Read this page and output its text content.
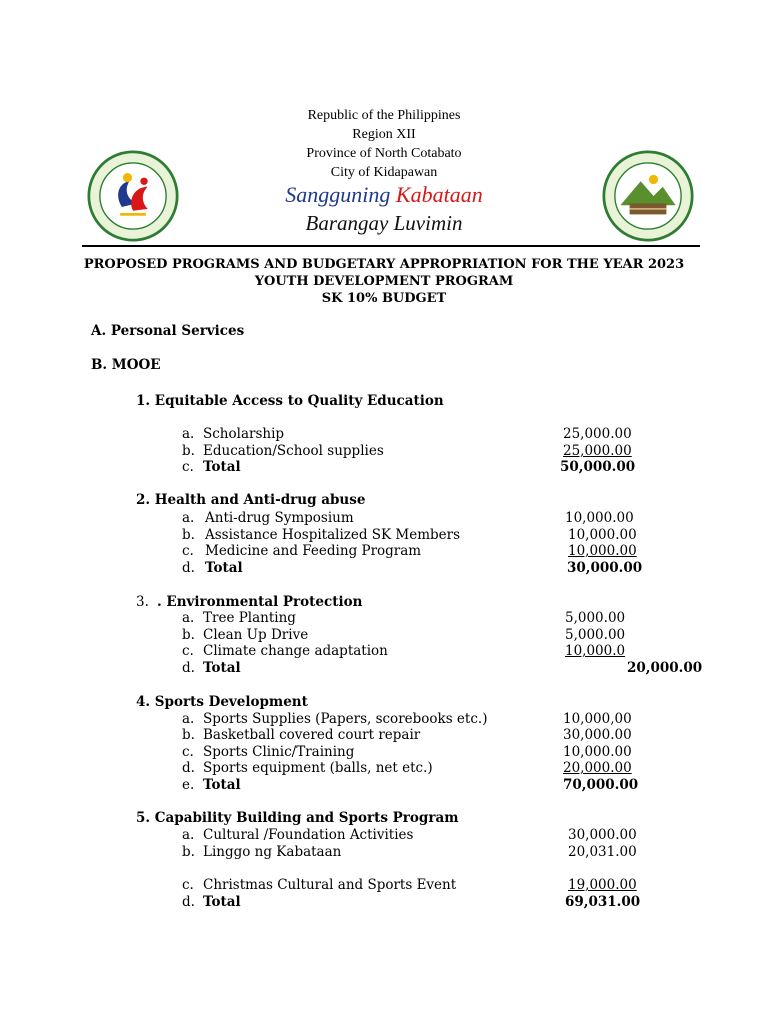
Republic of the Philippines
Region XII
Province of North Cotabato
City of Kidapawan
Sangguning Kabataan
Barangay Luvimin
PROPOSED PROGRAMS AND BUDGETARY APPROPRIATION FOR THE YEAR 2023
YOUTH DEVELOPMENT PROGRAM
SK 10% BUDGET
A. Personal Services
B. MOOE
1. Equitable Access to Quality Education
a. Scholarship	25,000.00
b. Education/School supplies	25,000.00
c. Total	50,000.00
2. Health and Anti-drug abuse
a. Anti-drug Symposium	10,000.00
b. Assistance Hospitalized SK Members	10,000.00
c. Medicine and Feeding Program	10,000.00
d. Total	30,000.00
3. . Environmental Protection
a. Tree Planting	5,000.00
b. Clean Up Drive	5,000.00
c. Climate change adaptation	10,000.0
d. Total	20,000.00
4. Sports Development
a. Sports Supplies (Papers, scorebooks etc.)	10,000,00
b. Basketball covered court repair	30,000.00
c. Sports Clinic/Training	10,000.00
d. Sports equipment (balls, net etc.)	20,000.00
e. Total	70,000.00
5. Capability Building and Sports Program
a. Cultural /Foundation Activities	30,000.00
b. Linggo ng Kabataan	20,031.00
c. Christmas Cultural and Sports Event	19,000.00
d. Total	69,031.00
